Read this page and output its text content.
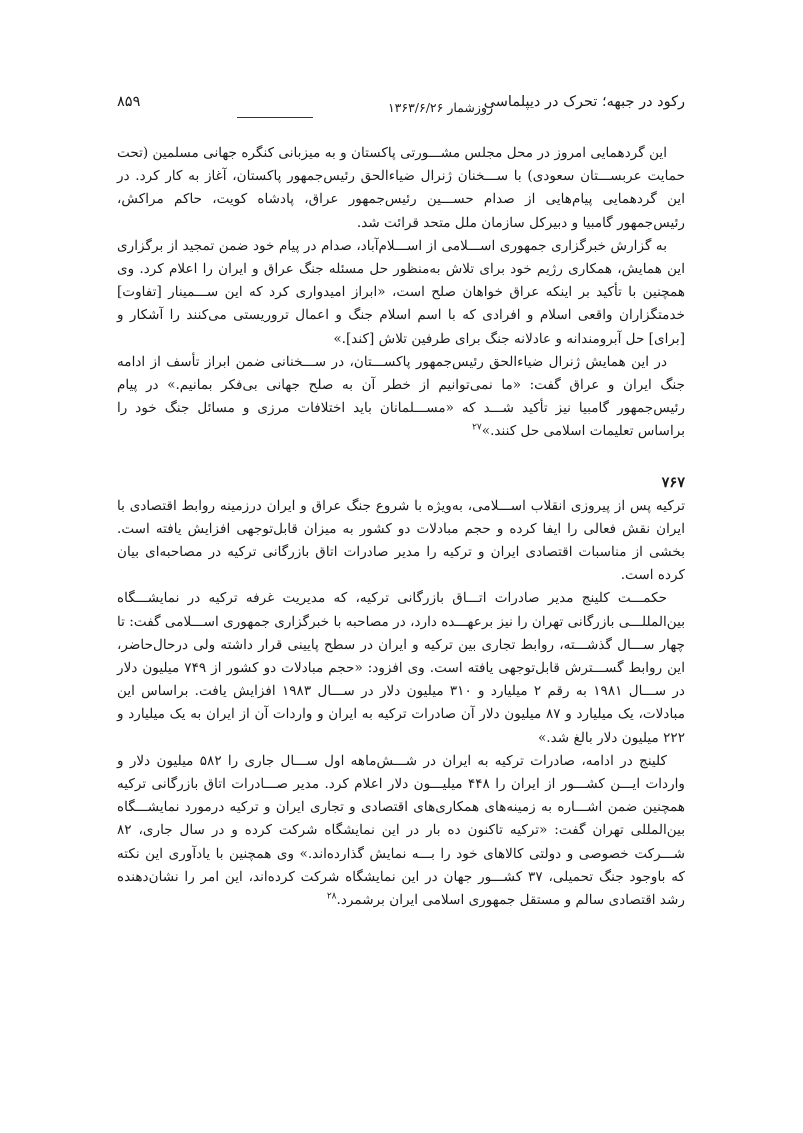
رکود در جبهه؛ تحرک در دیپلماسی
روزشمار ۱۳۶۳/۶/۲۶
۸۵۹

این گردهمایی امروز در محل مجلس مشـــورتی پاکستان و به میزبانی کنگره جهانی مسلمین (تحت حمایت عربســـتان سعودی) با ســـخنان ژنرال ضیاءالحق رئیس‌جمهور پاکستان، آغاز به کار کرد. در این گردهمایی پیام‌هایی از صدام حســـین رئیس‌جمهور عراق، پادشاه کویت، حاکم مراکش، رئیس‌جمهور گامبیا و دبیرکل سازمان ملل متحد قرائت شد.

به گزارش خبرگزاری جمهوری اســـلامی از اســـلام‌آباد، صدام در پیام خود ضمن تمجید از برگزاری این همایش، همکاری رژیم خود برای تلاش به‌منظور حل مسئله جنگ عراق و ایران را اعلام کرد. وی همچنین با تأکید بر اینکه عراق خواهان صلح است، «ابراز امیدواری کرد که این ســـمینار [تفاوت] خدمتگزاران واقعی اسلام و افرادی که با اسم اسلام جنگ و اعمال تروریستی می‌کنند را آشکار و [برای] حل آبرومندانه و عادلانه جنگ برای طرفین تلاش [کند].»

در این همایش ژنرال ضیاءالحق رئیس‌جمهور پاکســـتان، در ســـخنانی ضمن ابراز تأسف از ادامه جنگ ایران و عراق گفت: «ما نمی‌توانیم از خطر آن به صلح جهانی بی‌فکر بمانیم.» در پیام رئیس‌جمهور گامبیا نیز تأکید شـــد که «مســـلمانان باید اختلافات مرزی و مسائل جنگ خود را براساس تعلیمات اسلامی حل کنند.»$^{۲۷}$

۷۶۷

ترکیه پس از پیروزی انقلاب اســـلامی، به‌ویژه با شروع جنگ عراق و ایران درزمینه روابط اقتصادی با ایران نقش فعالی را ایفا کرده و حجم مبادلات دو کشور به میزان قابل‌توجهی افزایش یافته است. بخشی از مناسبات اقتصادی ایران و ترکیه را مدیر صادرات اتاق بازرگانی ترکیه در مصاحبه‌ای بیان کرده است.

حکمـــت کلینج مدیر صادرات اتـــاق بازرگانی ترکیه، که مدیریت غرفه ترکیه در نمایشـــگاه بین‌المللـــی بازرگانی تهران را نیز برعهـــده دارد، در مصاحبه با خبرگزاری جمهوری اســـلامی گفت: تا چهار ســـال گذشـــته، روابط تجاری بین ترکیه و ایران در سطح پایینی قرار داشته ولی درحال‌حاضر، این روابط گســـترش قابل‌توجهی یافته است. وی افزود: «حجم مبادلات دو کشور از ۷۴۹ میلیون دلار در ســـال ۱۹۸۱ به رقم ۲ میلیارد و ۳۱۰ میلیون دلار در ســـال ۱۹۸۳ افزایش یافت. براساس این مبادلات، یک میلیارد و ۸۷ میلیون دلار آن صادرات ترکیه به ایران و واردات آن از ایران به یک میلیارد و ۲۲۲ میلیون دلار بالغ شد.»

کلینج در ادامه، صادرات ترکیه به ایران در شـــش‌ماهه اول ســـال جاری را ۵۸۲ میلیون دلار و واردات ایـــن کشـــور از ایران را ۴۴۸ میلیـــون دلار اعلام کرد. مدیر صـــادرات اتاق بازرگانی ترکیه همچنین ضمن اشـــاره به زمینه‌های همکاری‌های اقتصادی و تجاری ایران و ترکیه درمورد نمایشـــگاه بین‌المللی تهران گفت: «ترکیه تاکنون ده بار در این نمایشگاه شرکت کرده و در سال جاری، ۸۲ شـــرکت خصوصی و دولتی کالاهای خود را بـــه نمایش گذارده‌اند.» وی همچنین با یادآوری این نکته که باوجود جنگ تحمیلی، ۳۷ کشـــور جهان در این نمایشگاه شرکت کرده‌اند، این امر را نشان‌دهنده رشد اقتصادی سالم و مستقل جمهوری اسلامی ایران برشمرد.$^{۲۸}$
